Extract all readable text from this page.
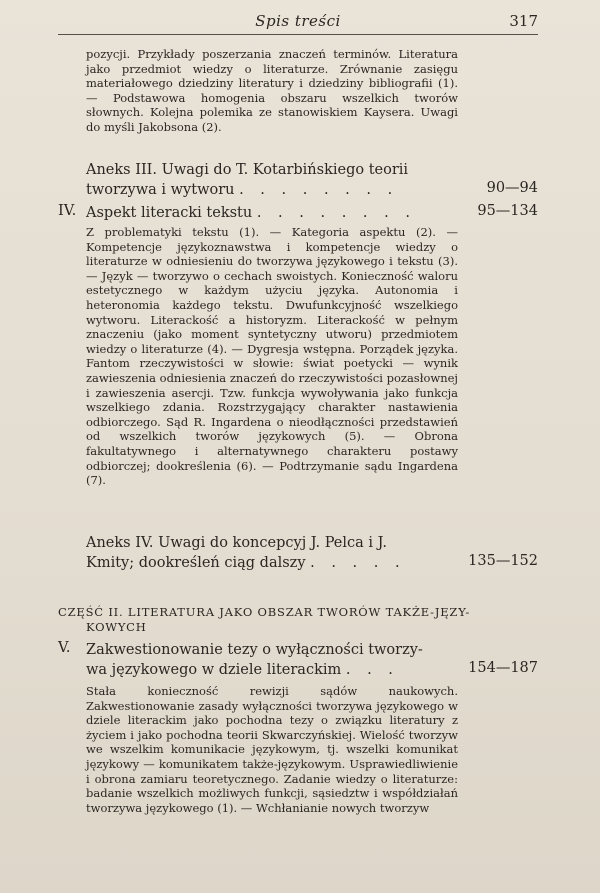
Spis treści	317

pozycji. Przykłady poszerzania znaczeń terminów. Literatura jako przedmiot wiedzy o literaturze. Zrównanie zasięgu materiałowego dziedziny literatury i dziedziny bibliografii (1). — Podstawowa homogenia obszaru wszelkich tworów słownych. Kolejna polemika ze stanowiskiem Kaysera. Uwagi do myśli Jakobsona (2).

Aneks III. Uwagi do T. Kotarbińskiego teorii
tworzywa i wytworu . . . . . . . .	90—94
IV. Aspekt literacki tekstu . . . . . . . .	95—134

Z problematyki tekstu (1). — Kategoria aspektu (2). — Kompetencje językoznawstwa i kompetencje wiedzy o literaturze w odniesieniu do tworzywa językowego i tekstu (3). — Język — tworzywo o cechach swoistych. Konieczność waloru estetycznego w każdym użyciu języka. Autonomia i heteronomia każdego tekstu. Dwufunkcyjność wszelkiego wytworu. Literackość a historyzm. Literackość w pełnym znaczeniu (jako moment syntetyczny utworu) przedmiotem wiedzy o literaturze (4). — Dygresja wstępna. Porządek języka. Fantom rzeczywistości w słowie: świat poetycki — wynik zawieszenia odniesienia znaczeń do rzeczywistości pozasłownej i zawieszenia asercji. Tzw. funkcja wywoływania jako funkcja wszelkiego zdania. Rozstrzygający charakter nastawienia odbiorczego. Sąd R. Ingardena o nieodłączności przedstawień od wszelkich tworów językowych (5). — Obrona fakultatywnego i alternatywnego charakteru postawy odbiorczej; dookreślenia (6). — Podtrzymanie sądu Ingardena (7).

Aneks IV. Uwagi do koncepcyj J. Pelca i J.
Kmity; dookreśleń ciąg dalszy . . . . .	135—152
CZĘŚĆ II. LITERATURA JAKO OBSZAR TWORÓW TAKŻE-JĘZY-
KOWYCH
V. Zakwestionowanie tezy o wyłączności tworzy-
wa językowego w dziele literackim . . .	154—187

Stała konieczność rewizji sądów naukowych. Zakwestionowanie zasady wyłączności tworzywa językowego w dziele literackim jako pochodna tezy o związku literatury z życiem i jako pochodna teorii Skwarczyńskiej. Wielość tworzyw we wszelkim komunikacie językowym, tj. wszelki komunikat językowy — komunikatem także-językowym. Usprawiedliwienie i obrona zamiaru teoretycznego. Zadanie wiedzy o literaturze: badanie wszelkich możliwych funkcji, sąsiedztw i współdziałań tworzywa językowego (1). — Wchłanianie nowych tworzyw
